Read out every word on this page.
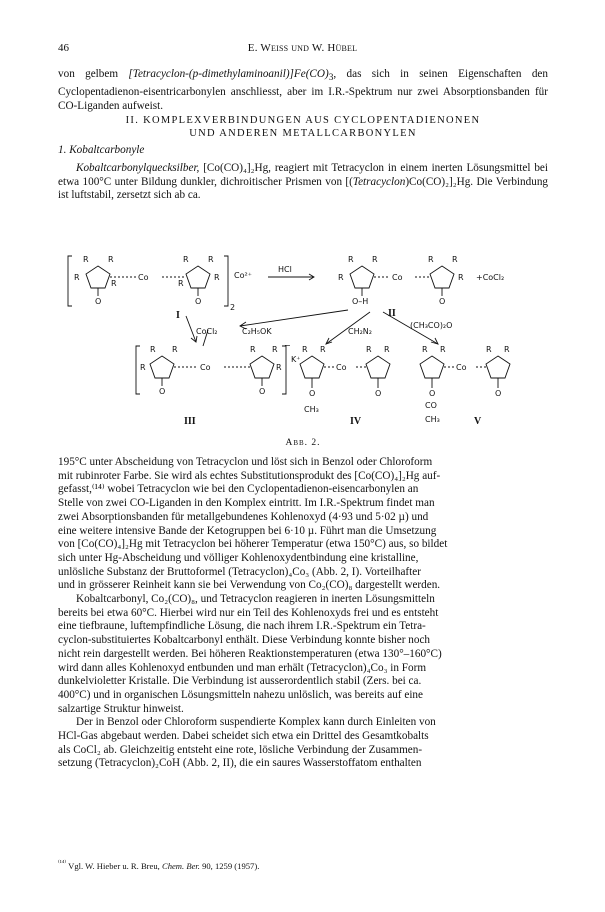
46	E. Weiss und W. Hübel

von gelbem $[Tetracyclon-(p-dimethylaminoanil)]Fe(CO)_3$, das sich in seinen Eigenschaften den Cyclopentadienon-eisentricarbonylen anschliesst, aber im I.R.-Spektrum nur zwei Absorptionsbanden für CO-Liganden aufweist.

II. KOMPLEXVERBINDUNGEN AUS CYCLOPENTADIENONEN
UND ANDEREN METALLCARBONYLEN
1. Kobaltcarbonyle

Kobaltcarbonylquecksilber, [Co(CO)₄]₂Hg, reagiert mit Tetracyclon in einem inerten Lösungsmittel bei etwa 100°C unter Bildung dunkler, dichroitischer Prismen von [(Tetracyclon)Co(CO)₂]₂Hg. Die Verbindung ist luftstabil, zersetzt sich ab ca.

R R	R R
R	R
R	R
Co
O	O
2
Co²⁺
HCl
R R	R R
R	R
Co
O–H	O
+CoCl₂
I	II
CoCl₂	C₂H₅OK	CH₂N₂
(CH₃CO)₂O
R R	R R
R	R
Co
O	O
−
K⁺
R R	R R
Co
O	O
CH₃
R R	R R
Co
O	O
CO
CH₃
III	IV	V
Abb. 2.
195°C unter Abscheidung von Tetracyclon und löst sich in Benzol oder Chloroform
mit rubinroter Farbe. Sie wird als echtes Substitutionsprodukt des [Co(CO)₄]₂Hg auf-
gefasst,⁽¹⁴⁾ wobei Tetracyclon wie bei den Cyclopentadienon-eisencarbonylen an
Stelle von zwei CO-Liganden in den Komplex eintritt. Im I.R.-Spektrum findet man
zwei Absorptionsbanden für metallgebundenes Kohlenoxyd (4·93 und 5·02 µ) und
eine weitere intensive Bande der Ketogruppen bei 6·10 µ. Führt man die Umsetzung
von [Co(CO)₄]₂Hg mit Tetracyclon bei höherer Temperatur (etwa 150°C) aus, so bildet
sich unter Hg-Abscheidung und völliger Kohlenoxydentbindung eine kristalline,
unlösliche Substanz der Bruttoformel (Tetracyclon)₄Co₃ (Abb. 2, I). Vorteilhafter
und in grösserer Reinheit kann sie bei Verwendung von Co₂(CO)₈ dargestellt werden.
Kobaltcarbonyl, Co₂(CO)₈, und Tetracyclon reagieren in inerten Lösungsmitteln
bereits bei etwa 60°C. Hierbei wird nur ein Teil des Kohlenoxyds frei und es entsteht
eine tiefbraune, luftempfindliche Lösung, die nach ihrem I.R.-Spektrum ein Tetra-
cyclon-substituiertes Kobaltcarbonyl enthält. Diese Verbindung konnte bisher noch
nicht rein dargestellt werden. Bei höheren Reaktionstemperaturen (etwa 130°–160°C)
wird dann alles Kohlenoxyd entbunden und man erhält (Tetracyclon)₄Co₃ in Form
dunkelvioletter Kristalle. Die Verbindung ist ausserordentlich stabil (Zers. bei ca.
400°C) und in organischen Lösungsmitteln nahezu unlöslich, was bereits auf eine
salzartige Struktur hinweist.
Der in Benzol oder Chloroform suspendierte Komplex kann durch Einleiten von
HCl-Gas abgebaut werden. Dabei scheidet sich etwa ein Drittel des Gesamtkobalts
als CoCl₂ ab. Gleichzeitig entsteht eine rote, lösliche Verbindung der Zusammen-
setzung (Tetracyclon)₂CoH (Abb. 2, II), die ein saures Wasserstoffatom enthalten
$^{^{(14)}}$ Vgl. W. Hieber u. R. Breu, Chem. Ber. 90, 1259 (1957).
